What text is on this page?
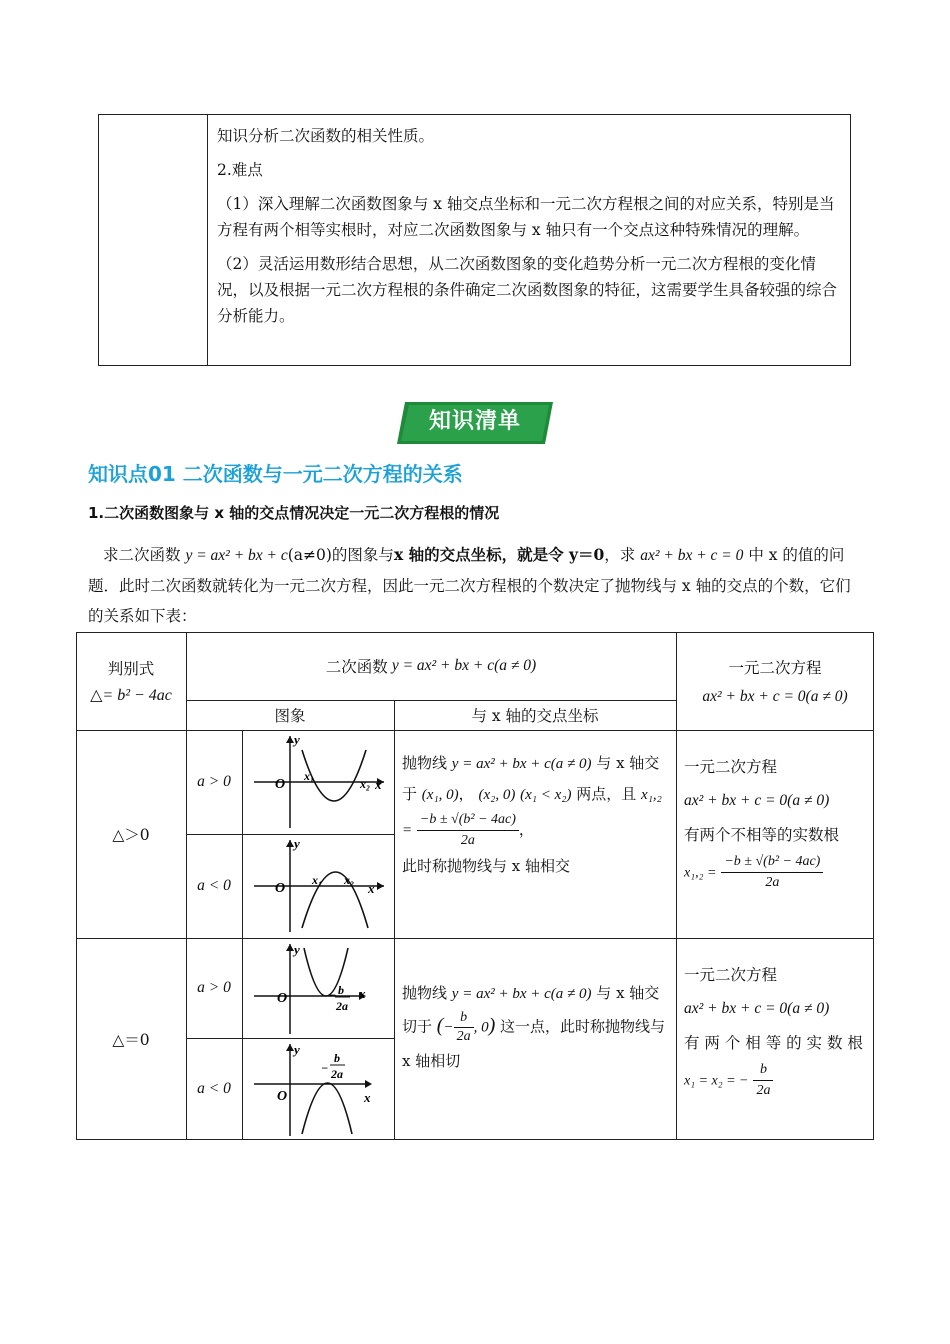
知识分析二次函数的相关性质。

2.难点

（1）深入理解二次函数图象与 x 轴交点坐标和一元二次方程根之间的对应关系，特别是当方程有两个相等实根时，对应二次函数图象与 x 轴只有一个交点这种特殊情况的理解。

（2）灵活运用数形结合思想，从二次函数图象的变化趋势分析一元二次方程根的变化情况，以及根据一元二次方程根的条件确定二次函数图象的特征，这需要学生具备较强的综合分析能力。

知识清单
知识点01 二次函数与一元二次方程的关系
1.二次函数图象与 x 轴的交点情况决定一元二次方程根的情况

求二次函数 y = ax² + bx + c(a≠0)的图象与x 轴的交点坐标，就是令 y＝0，求 ax² + bx + c = 0 中 x 的值的问题．此时二次函数就转化为一元二次方程，因此一元二次方程根的个数决定了抛物线与 x 轴的交点的个数，它们的关系如下表：

判别式
△= b² − 4ac
二次函数 y = ax² + bx + c(a ≠ 0)	一元二次方程
ax² + bx + c = 0(a ≠ 0)
图象	与 x 轴的交点坐标
△＞0
a > 0
a < 0
O
y
x₁
x₂ x
O
y
x₁ x₂
x
抛物线 y = ax² + bx + c(a ≠ 0) 与 x 轴交于 (x₁, 0)， (x₂, 0) (x₁ < x₂) 两点，且 $x_1,_2 = \frac{\text{−b ± √(b² − 4ac)}}{2a}$ ，
此时称抛物线与 x 轴相交
一元二次方程
ax² + bx + c = 0(a ≠ 0)
有两个不相等的实数根
$x_1,_2 = \frac{\text{−b ± √(b² − 4ac)}}{2a}$
△＝0
a > 0
a < 0
O
y
x
− b
2a
O
y
x
−
b
2a
抛物线 y = ax² + bx + c(a ≠ 0) 与 x 轴交切于 (− $\frac{b}{2a}$ , 0) 这一点，此时称抛物线与 x 轴相切
一元二次方程
ax² + bx + c = 0(a ≠ 0)
有 两 个 相 等 的 实 数 根
x₁ = x₂ = − $\frac{b}{2a}$
